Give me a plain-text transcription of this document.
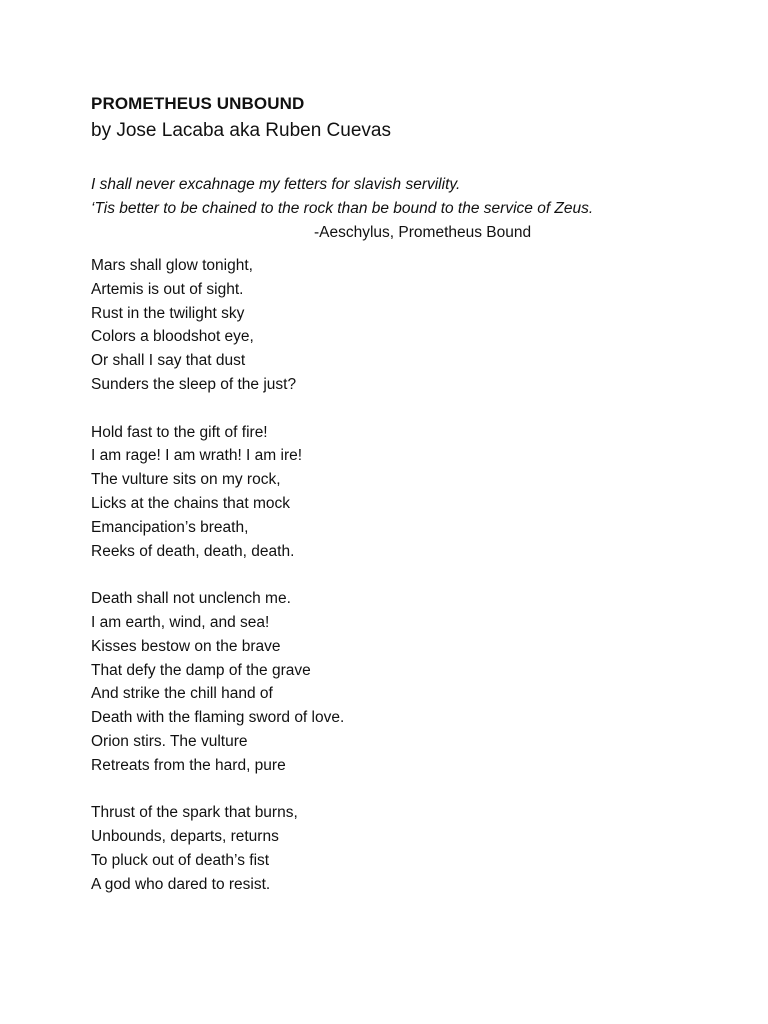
PROMETHEUS UNBOUND
by Jose Lacaba aka Ruben Cuevas
I shall never excahnage my fetters for slavish servility.
‘Tis better to be chained to the rock than be bound to the service of Zeus.
-Aeschylus, Prometheus Bound
Mars shall glow tonight,
Artemis is out of sight.
Rust in the twilight sky
Colors a bloodshot eye,
Or shall I say that dust
Sunders the sleep of the just?
Hold fast to the gift of fire!
I am rage! I am wrath! I am ire!
The vulture sits on my rock,
Licks at the chains that mock
Emancipation’s breath,
Reeks of death, death, death.
Death shall not unclench me.
I am earth, wind, and sea!
Kisses bestow on the brave
That defy the damp of the grave
And strike the chill hand of
Death with the flaming sword of love.
Orion stirs. The vulture
Retreats from the hard, pure
Thrust of the spark that burns,
Unbounds, departs, returns
To pluck out of death’s fist
A god who dared to resist.
